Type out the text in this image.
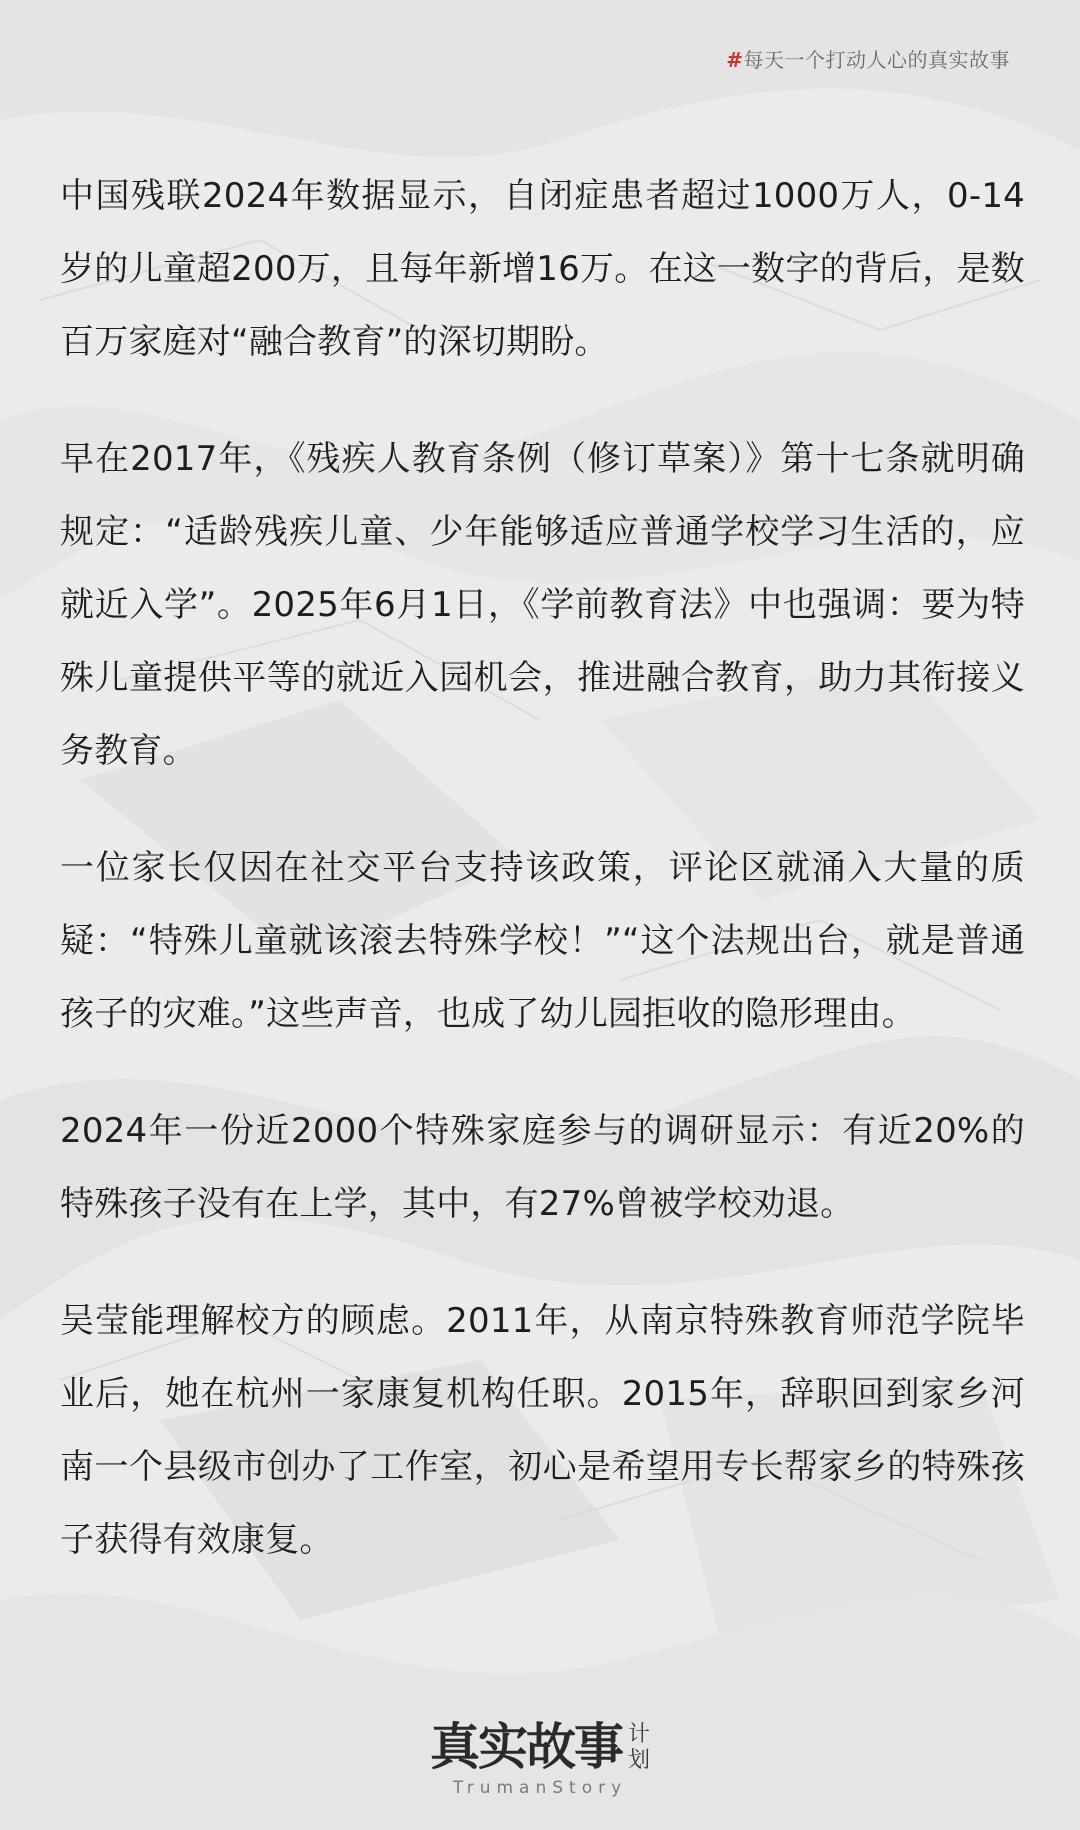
#每天一个打动人心的真实故事

中国残联2024年数据显示，自闭症患者超过1000万人，0-14岁的儿童超200万，且每年新增16万。在这一数字的背后，是数百万家庭对“融合教育”的深切期盼。

早在2017年，《残疾人教育条例（修订草案）》第十七条就明确规定：“适龄残疾儿童、少年能够适应普通学校学习生活的，应就近入学”。2025年6月1日，《学前教育法》中也强调：要为特殊儿童提供平等的就近入园机会，推进融合教育，助力其衔接义务教育。

一位家长仅因在社交平台支持该政策，评论区就涌入大量的质疑：“特殊儿童就该滚去特殊学校！”“这个法规出台，就是普通孩子的灾难。”这些声音，也成了幼儿园拒收的隐形理由。

2024年一份近2000个特殊家庭参与的调研显示：有近20%的特殊孩子没有在上学，其中，有27%曾被学校劝退。

吴莹能理解校方的顾虑。2011年，从南京特殊教育师范学院毕业后，她在杭州一家康复机构任职。2015年，辞职回到家乡河南一个县级市创办了工作室，初心是希望用专长帮家乡的特殊孩子获得有效康复。

真实故事 计
划
TrumanStory
